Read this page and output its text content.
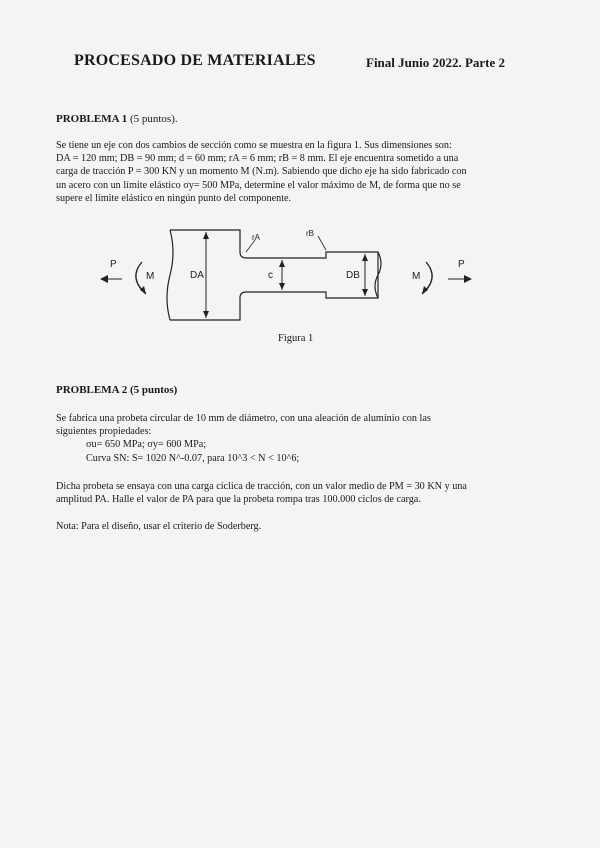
PROCESADO DE MATERIALES	Final Junio 2022. Parte 2
PROBLEMA 1 (5 puntos).
Se tiene un eje con dos cambios de sección como se muestra en la figura 1. Sus dimensiones son:
DA = 120 mm; DB = 90 mm; d = 60 mm; rA = 6 mm; rB = 8 mm. El eje encuentra sometido a una
carga de tracción P = 300 KN y un momento M (N.m). Sabiendo que dicho eje ha sido fabricado con
un acero con un límite elástico σy= 500 MPa, determine el valor máximo de M, de forma que no se
supere el límite elástico en ningún punto del componente.
P	P
M	M
DA	c	DB
rA	rB
Figura 1
PROBLEMA 2 (5 puntos)
Se fabrica una probeta circular de 10 mm de diámetro, con una aleación de aluminio con las
siguientes propiedades:
σu= 650 MPa; σy= 600 MPa;
Curva SN: S= 1020 N^-0.07, para 10^3 < N < 10^6;
Dicha probeta se ensaya con una carga cíclica de tracción, con un valor medio de PM = 30 KN y una
amplitud PA. Halle el valor de PA para que la probeta rompa tras 100.000 ciclos de carga.
Nota: Para el diseño, usar el criterio de Soderberg.
